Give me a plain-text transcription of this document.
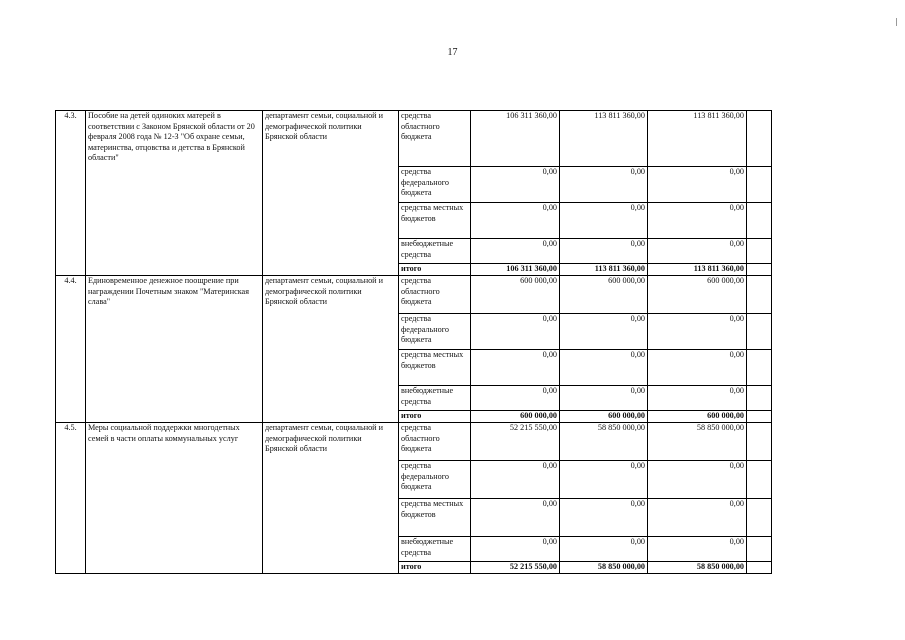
17
4.3.	Пособие на детей одиноких матерей в соответствии с Законом Брянской области от 20 февраля 2008 года № 12-З "Об охране семьи, материнства, отцовства и детства в Брянской области"	департамент семьи, социальной и демографической политики Брянской области	средства областного бюджета	106 311 360,00	113 811 360,00	113 811 360,00	
			средства федерального бюджета	0,00	0,00	0,00	
			средства местных бюджетов	0,00	0,00	0,00	
			внебюджетные средства	0,00	0,00	0,00	
			итого	106 311 360,00	113 811 360,00	113 811 360,00	
4.4.	Единовременное денежное поощрение при награждении Почетным знаком "Материнская слава"	департамент семьи, социальной и демографической политики Брянской области	средства областного бюджета	600 000,00	600 000,00	600 000,00	
			средства федерального бюджета	0,00	0,00	0,00	
			средства местных бюджетов	0,00	0,00	0,00	
			внебюджетные средства	0,00	0,00	0,00	
			итого	600 000,00	600 000,00	600 000,00	
4.5.	Меры социальной поддержки многодетных семей в части оплаты коммунальных услуг	департамент семьи, социальной и демографической политики Брянской области	средства областного бюджета	52 215 550,00	58 850 000,00	58 850 000,00	
			средства федерального бюджета	0,00	0,00	0,00	
			средства местных бюджетов	0,00	0,00	0,00	
			внебюджетные средства	0,00	0,00	0,00	
			итого	52 215 550,00	58 850 000,00	58 850 000,00	
